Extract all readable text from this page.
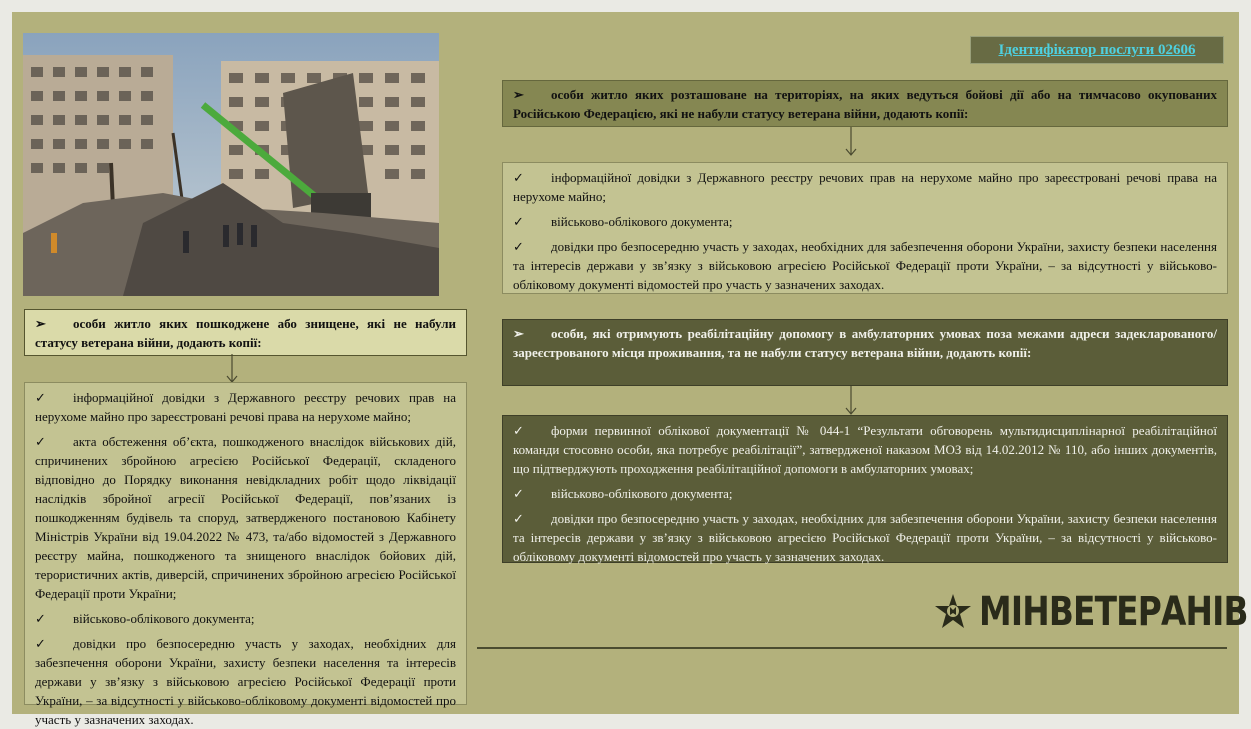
Ідентифікатор послуги 02606
➢ особи житло яких розташоване на територіях, на яких ведуться бойові дії або на тимчасово окупованих Російською Федерацією, які не набули статусу ветерана війни, додають копії:

✓ інформаційної довідки з Державного реєстру речових прав на нерухоме майно про зареєстровані речові права на нерухоме майно;

✓ військово-облікового документа;

✓ довідки про безпосередню участь у заходах, необхідних для забезпечення оборони України, захисту безпеки населення та інтересів держави у зв’язку з військовою агресією Російської Федерації проти України, – за відсутності у військово-обліковому документі відомостей про участь у зазначених заходах.

➢ особи, які отримують реабілітаційну допомогу в амбулаторних умовах поза межами адреси задекларованого/зареєстрованого місця проживання, та не набули статусу ветерана війни, додають копії:

✓ форми первинної облікової документації № 044-1 “Результати обговорень мультидисциплінарної реабілітаційної команди стосовно особи, яка потребує реабілітації”, затвердженої наказом МОЗ від 14.02.2012 № 110, або інших документів, що підтверджують проходження реабілітаційної допомоги в амбулаторних умовах;

✓ військово-облікового документа;

✓ довідки про безпосередню участь у заходах, необхідних для забезпечення оборони України, захисту безпеки населення та інтересів держави у зв’язку з військовою агресією Російської Федерації проти України, – за відсутності у військово-обліковому документі відомостей про участь у зазначених заходах.

➢ особи житло яких пошкоджене або знищене, які не набули статусу ветерана війни, додають копії:

✓ інформаційної довідки з Державного реєстру речових прав на нерухоме майно про зареєстровані речові права на нерухоме майно;

✓ акта обстеження об’єкта, пошкодженого внаслідок військових дій, спричинених збройною агресією Російської Федерації, складеного відповідно до Порядку виконання невідкладних робіт щодо ліквідації наслідків збройної агресії Російської Федерації, пов’язаних із пошкодженням будівель та споруд, затвердженого постановою Кабінету Міністрів України від 19.04.2022 № 473, та/або відомостей з Державного реєстру майна, пошкодженого та знищеного внаслідок бойових дій, терористичних актів, диверсій, спричинених збройною агресією Російської Федерації проти України;

✓ військово-облікового документа;

✓ довідки про безпосередню участь у заходах, необхідних для забезпечення оборони України, захисту безпеки населення та інтересів держави у зв’язку з військовою агресією Російської Федерації проти України, – за відсутності у військово-обліковому документі відомостей про участь у зазначених заходах.

МІНВЕТЕРАНІВ
